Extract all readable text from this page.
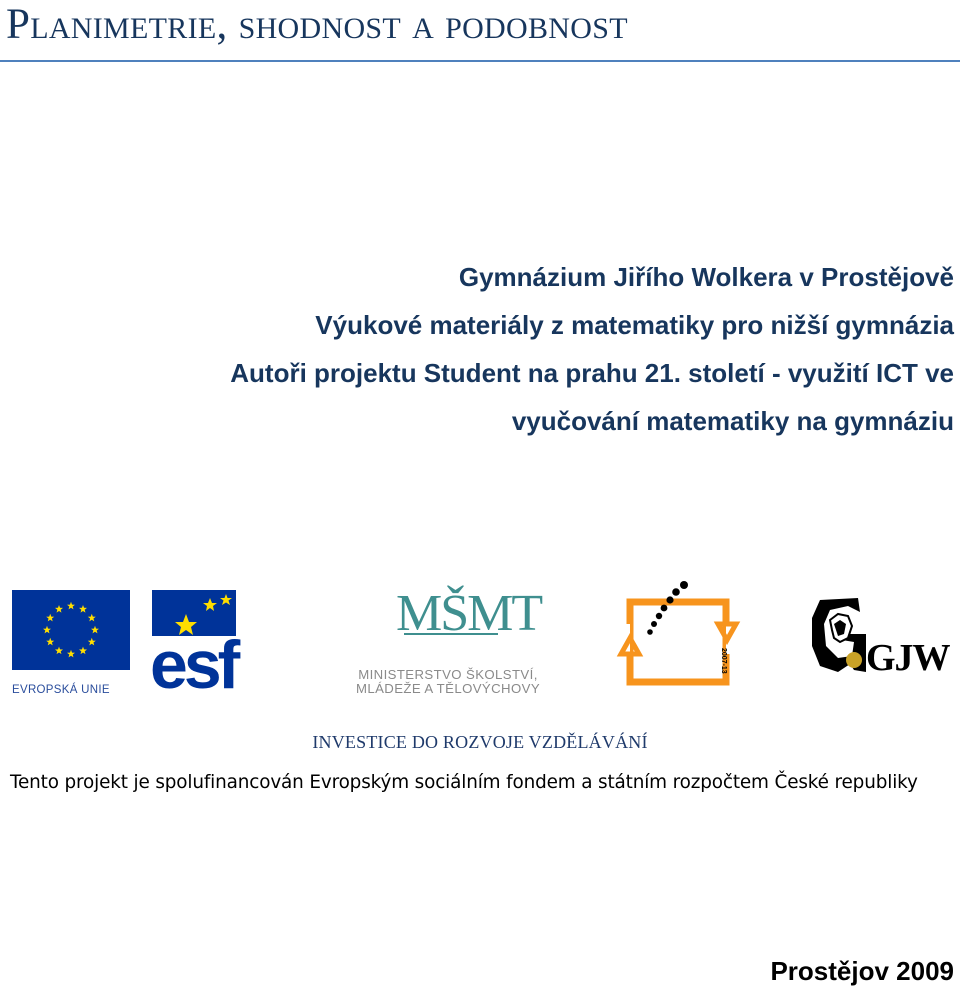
Planimetrie, shodnost a podobnost
Gymnázium Jiřího Wolkera v Prostějově
Výukové materiály z matematiky pro nižší gymnázia
Autoři projektu Student na prahu 21. století - využití ICT ve
vyučování matematiky na gymnáziu
EVROPSKÁ UNIE esf
MŠMT
MINISTERSTVO ŠKOLSTVÍ,
MLÁDEŽE A TĚLOVÝCHOVY
2007-13	GJW
INVESTICE DO ROZVOJE VZDĚLÁVÁNÍ
Tento projekt je spolufinancován Evropským sociálním fondem a státním rozpočtem České republiky
Prostějov 2009
